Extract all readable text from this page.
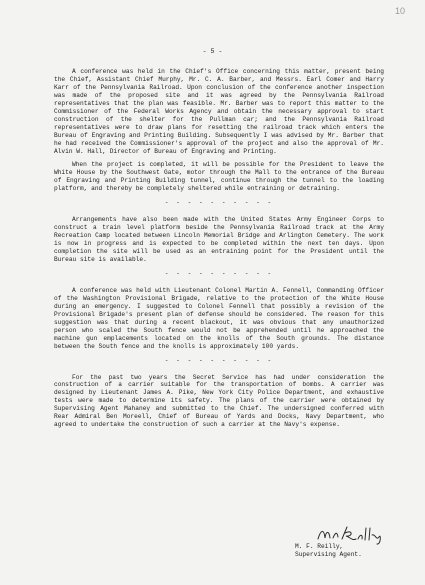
10
- 5 -

A conference was held in the Chief's Office concerning this matter, present being the Chief, Assistant Chief Murphy, Mr. C. A. Barber, and Messrs. Earl Comer and Harry Karr of the Pennsylvania Railroad. Upon conclusion of the conference another inspection was made of the proposed site and it was agreed by the Pennsylvania Railroad representatives that the plan was feasible. Mr. Barber was to report this matter to the Commissioner of the Federal Works Agency and obtain the necessary approval to start construction of the shelter for the Pullman car; and the Pennsylvania Railroad representatives were to draw plans for resetting the railroad track which enters the Bureau of Engraving and Printing Building. Subsequently I was advised by Mr. Barber that he had received the Commissioner's approval of the project and also the approval of Mr. Alvin W. Hall, Director of Bureau of Engraving and Printing.

When the project is completed, it will be possible for the President to leave the White House by the Southwest Gate, motor through the Mall to the entrance of the Bureau of Engraving and Printing Building tunnel, continue through the tunnel to the loading platform, and thereby be completely sheltered while entraining or detraining.

- - - - - - - - - -

Arrangements have also been made with the United States Army Engineer Corps to construct a train level platform beside the Pennsylvania Railroad track at the Army Recreation Camp located between Lincoln Memorial Bridge and Arlington Cemetery. The work is now in progress and is expected to be completed within the next ten days. Upon completion the site will be used as an entraining point for the President until the Bureau site is available.

- - - - - - - - - -

A conference was held with Lieutenant Colonel Martin A. Fennell, Commanding Officer of the Washington Provisional Brigade, relative to the protection of the White House during an emergency. I suggested to Colonel Fennell that possibly a revision of the Provisional Brigade's present plan of defense should be considered. The reason for this suggestion was that during a recent blackout, it was obvious that any unauthorized person who scaled the South fence would not be apprehended until he approached the machine gun emplacements located on the knolls of the South grounds. The distance between the South fence and the knolls is approximately 100 yards.

- - - - - - - - - -

For the past two years the Secret Service has had under consideration the construction of a carrier suitable for the transportation of bombs. A carrier was designed by Lieutenant James A. Pike, New York City Police Department, and exhaustive tests were made to determine its safety. The plans of the carrier were obtained by Supervising Agent Mahaney and submitted to the Chief. The undersigned conferred with Rear Admiral Ben Moreell, Chief of Bureau of Yards and Docks, Navy Department, who agreed to undertake the construction of such a carrier at the Navy's expense.

M. F. Reilly,
Supervising Agent.
